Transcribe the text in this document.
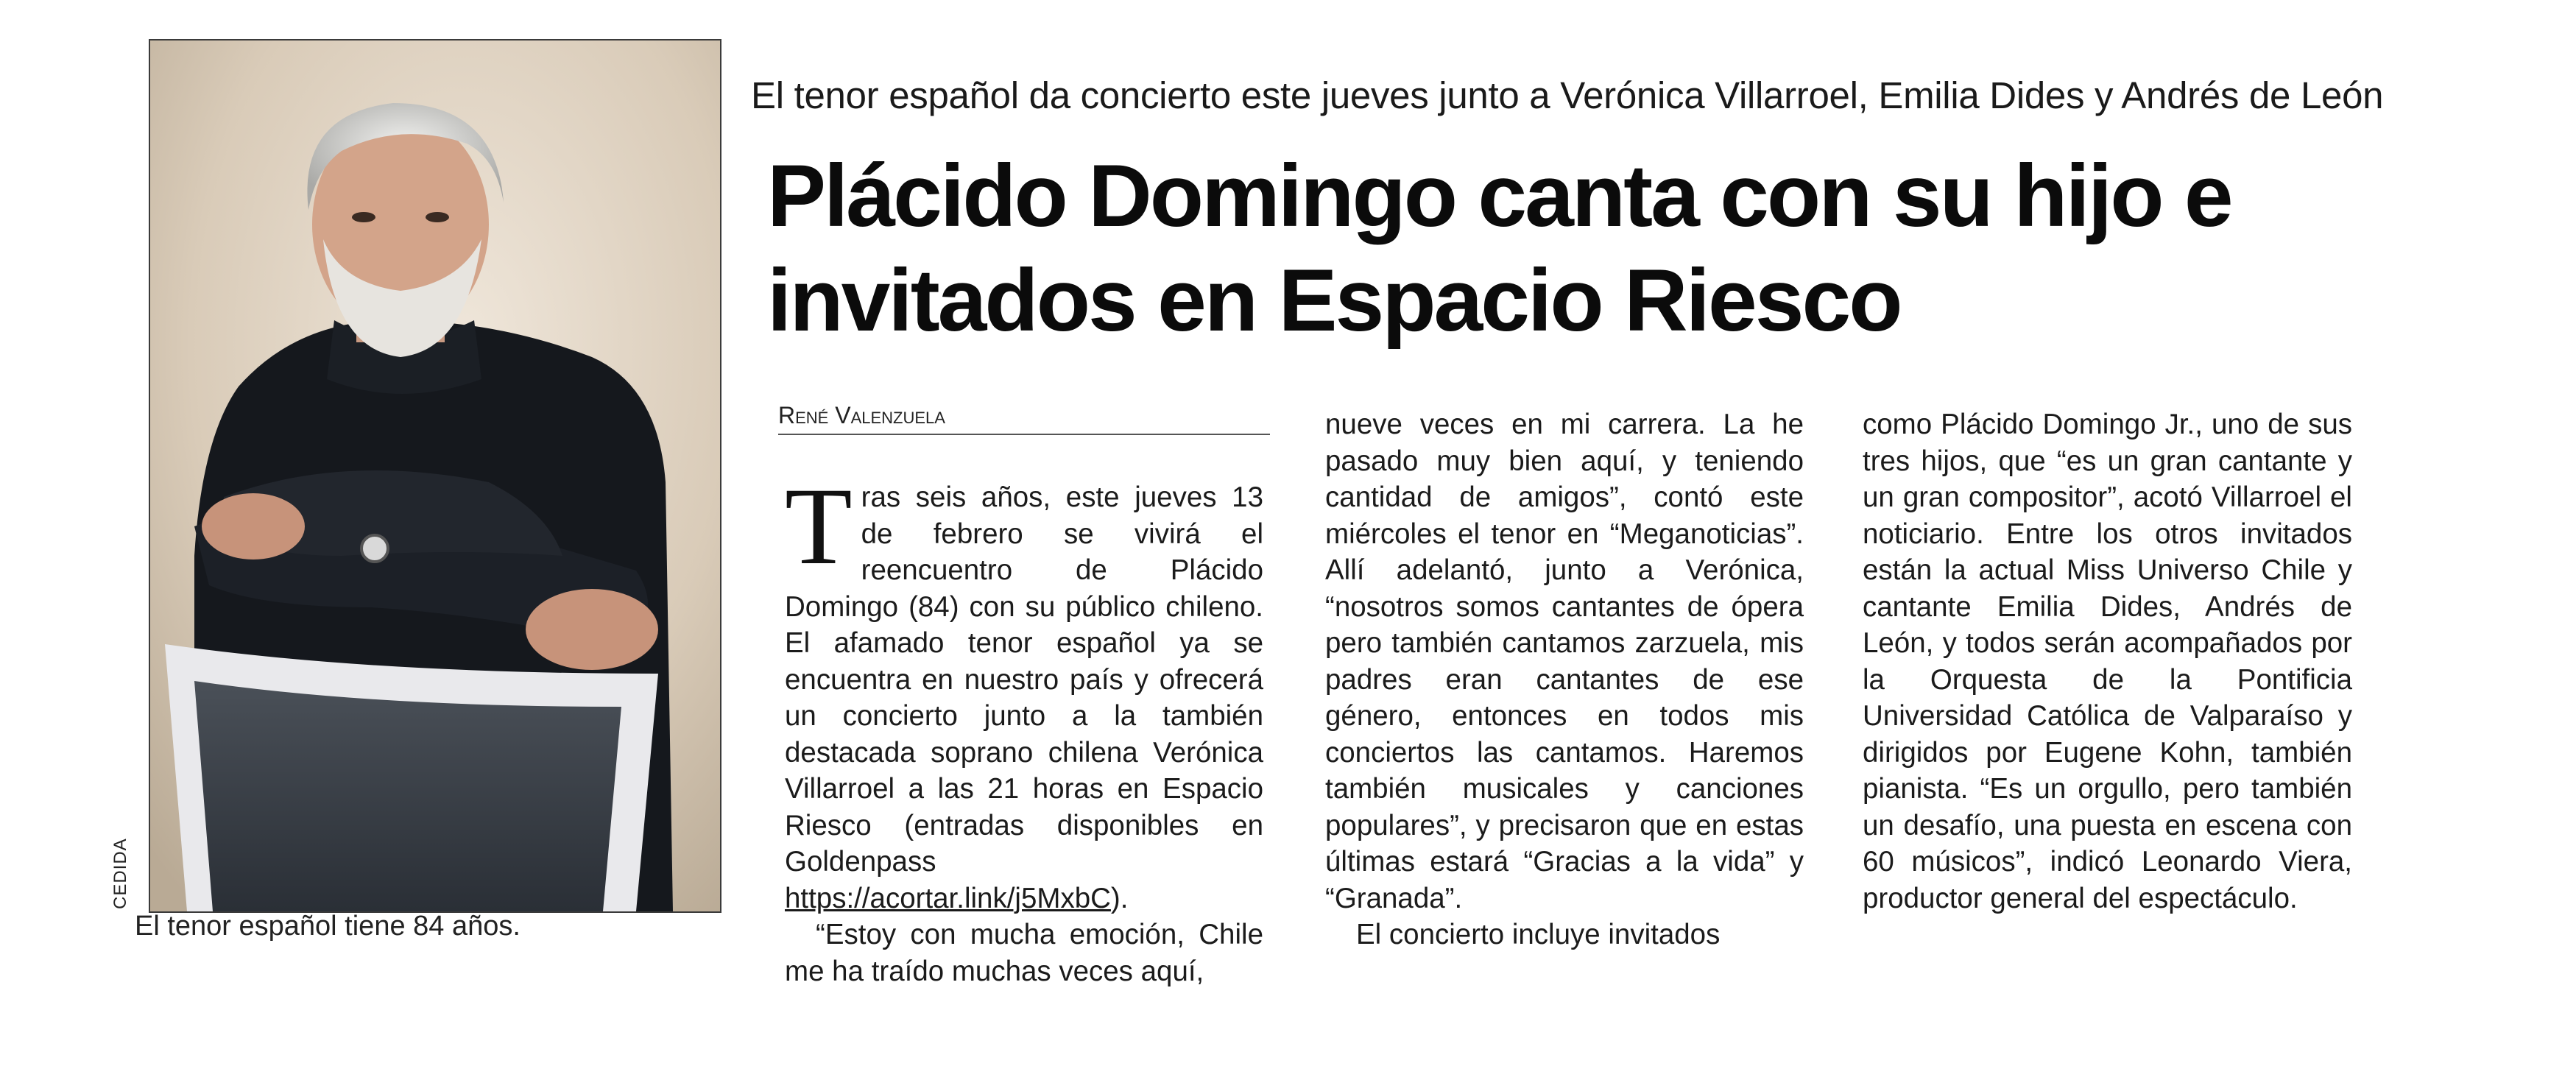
CEDIDA
El tenor español tiene 84 años.
El tenor español da concierto este jueves junto a Verónica Villarroel, Emilia Dides y Andrés de León
Plácido Domingo canta con su hijo e
invitados en Espacio Riesco
René Valenzuela

Tras seis años, este jueves 13 de febrero se vivirá el reencuentro de Plácido Domingo (84) con su público chileno. El afamado tenor español ya se encuentra en nuestro país y ofrecerá un concierto junto a la también destacada soprano chilena Verónica Villarroel a las 21 horas en Espacio Riesco (entradas disponibles en Goldenpass https://acortar.link/j5MxbC).

“Estoy con mucha emoción, Chile me ha traído muchas veces aquí,

nueve veces en mi carrera. La he pasado muy bien aquí, y teniendo cantidad de amigos”, contó este miércoles el tenor en “Meganoticias”. Allí adelantó, junto a Verónica, “nosotros somos cantantes de ópera pero también cantamos zarzuela, mis padres eran cantantes de ese género, entonces en todos mis conciertos las cantamos. Haremos también musicales y canciones populares”, y precisaron que en estas últimas estará “Gracias a la vida” y “Granada”.

El concierto incluye invitados

como Plácido Domingo Jr., uno de sus tres hijos, que “es un gran cantante y un gran compositor”, acotó Villarroel el noticiario. Entre los otros invitados están la actual Miss Universo Chile y cantante Emilia Dides, Andrés de León, y todos serán acompañados por la Orquesta de la Pontificia Universidad Católica de Valparaíso y dirigidos por Eugene Kohn, también pianista. “Es un orgullo, pero también un desafío, una puesta en escena con 60 músicos”, indicó Leonardo Viera, productor general del espectáculo.
